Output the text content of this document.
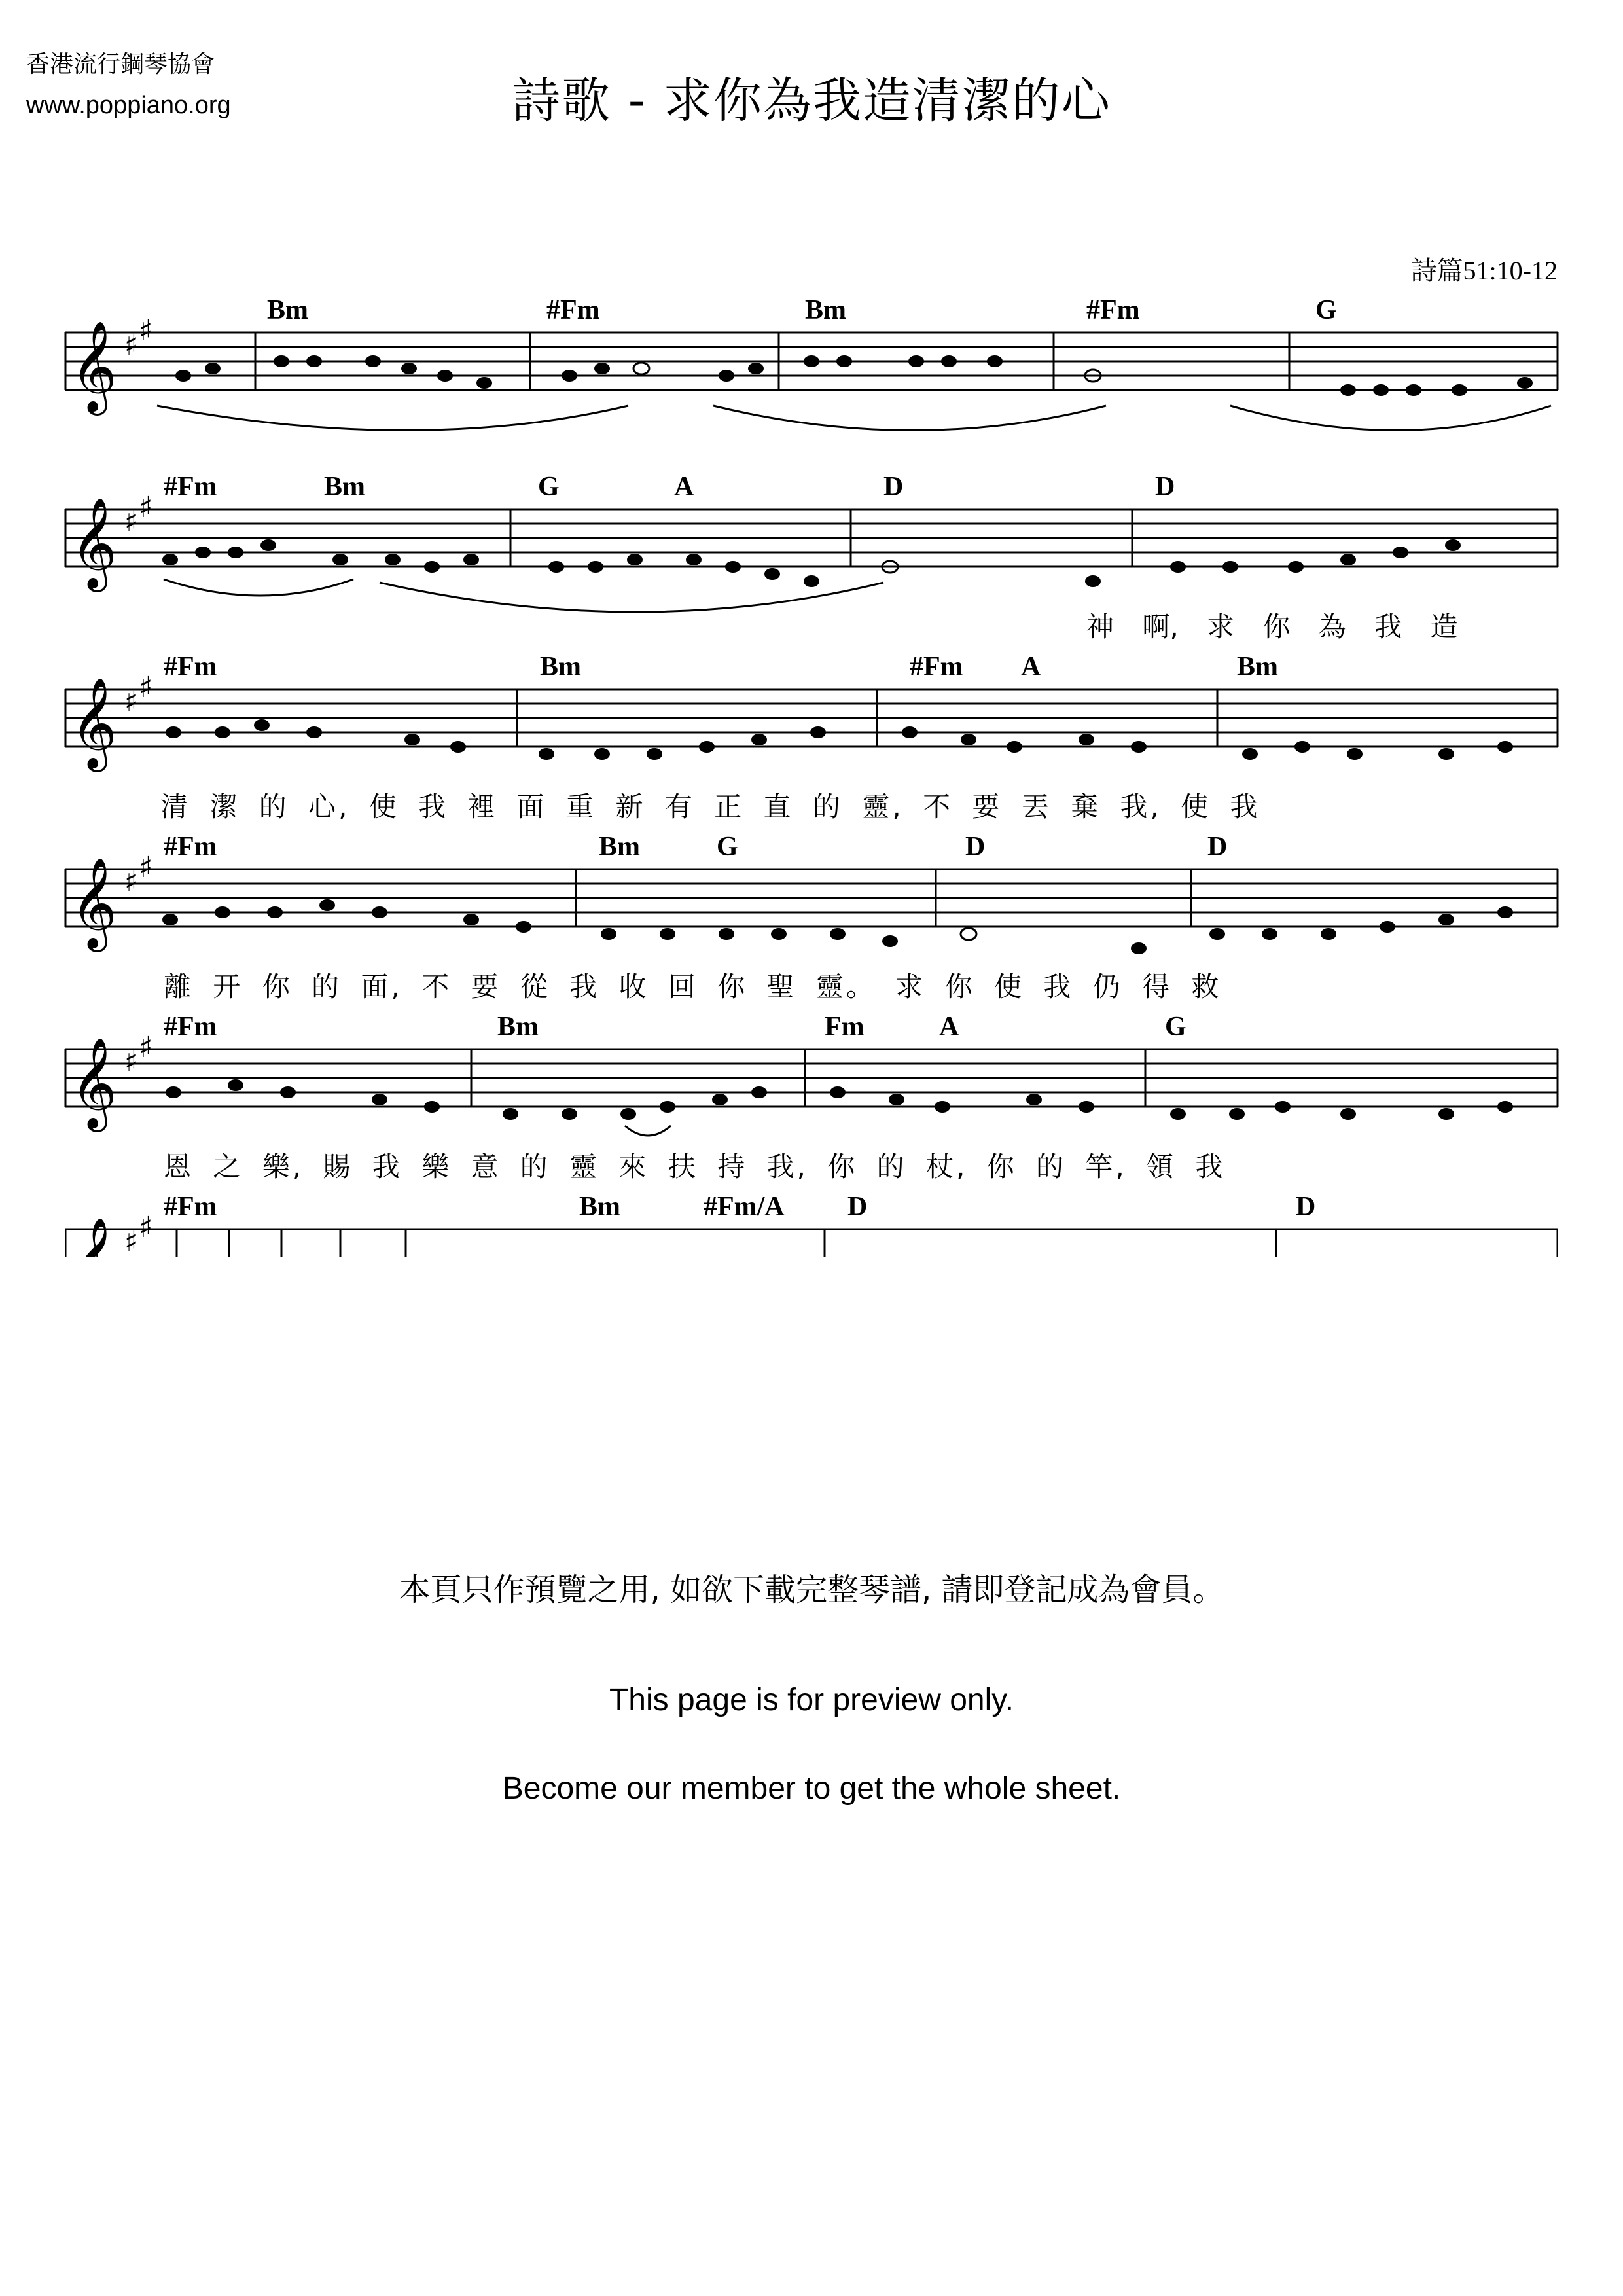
香港流行鋼琴協會
www.poppiano.org	詩歌 - 求你為我造清潔的心
詩篇51:10-12
Bm	#Fm	Bm	#Fm	G
𝄞 ♯ ♯
#Fm	Bm	G	A	D	D
𝄞 ♯ ♯
神 啊, 求 你 為 我 造
#Fm	Bm	#Fm A	Bm
𝄞 ♯ ♯
清 潔 的 心, 使 我 裡 面 重 新 有 正 直 的 靈, 不 要 丟 棄 我, 使 我
#Fm	Bm	G	D	D
𝄞 ♯ ♯
離 开 你 的 面, 不 要 從 我 收 回 你 聖 靈。 求 你 使 我 仍 得 救
#Fm	Bm	Fm	A	G
𝄞 ♯ ♯
恩 之 樂, 賜 我 樂 意 的 靈 來 扶 持 我, 你 的 杖, 你 的 竿, 領 我
#Fm	Bm	#Fm/A D	D
𝄞 ♯ ♯
本頁只作預覽之用, 如欲下載完整琴譜, 請即登記成為會員。
This page is for preview only.
Become our member to get the whole sheet.
